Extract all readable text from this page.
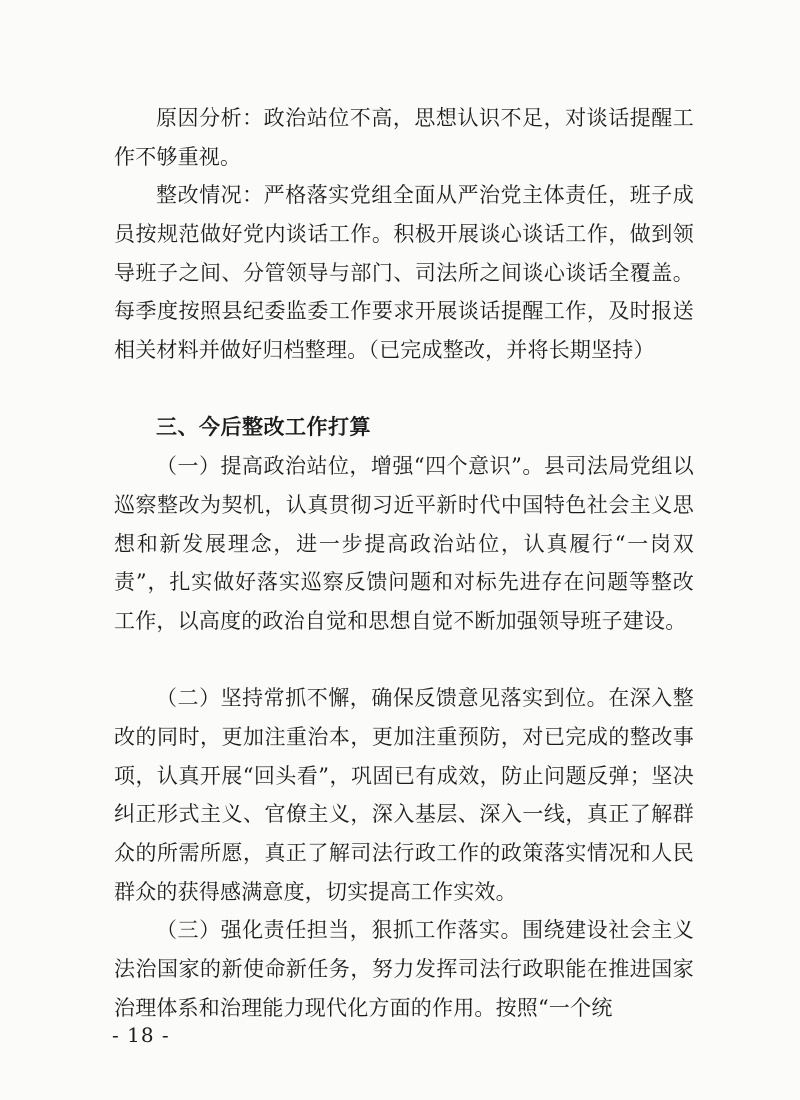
原因分析：政治站位不高，思想认识不足，对谈话提醒工作不够重视。

整改情况：严格落实党组全面从严治党主体责任，班子成员按规范做好党内谈话工作。积极开展谈心谈话工作，做到领导班子之间、分管领导与部门、司法所之间谈心谈话全覆盖。每季度按照县纪委监委工作要求开展谈话提醒工作，及时报送相关材料并做好归档整理。（已完成整改，并将长期坚持）

三、今后整改工作打算

（一）提高政治站位，增强“四个意识”。县司法局党组以巡察整改为契机，认真贯彻习近平新时代中国特色社会主义思想和新发展理念，进一步提高政治站位，认真履行“一岗双责”，扎实做好落实巡察反馈问题和对标先进存在问题等整改工作，以高度的政治自觉和思想自觉不断加强领导班子建设。

（二）坚持常抓不懈，确保反馈意见落实到位。在深入整改的同时，更加注重治本，更加注重预防，对已完成的整改事项，认真开展“回头看”，巩固已有成效，防止问题反弹；坚决纠正形式主义、官僚主义，深入基层、深入一线，真正了解群众的所需所愿，真正了解司法行政工作的政策落实情况和人民群众的获得感满意度，切实提高工作实效。

（三）强化责任担当，狠抓工作落实。围绕建设社会主义法治国家的新使命新任务，努力发挥司法行政职能在推进国家治理体系和治理能力现代化方面的作用。按照“一个统

- 18 -
